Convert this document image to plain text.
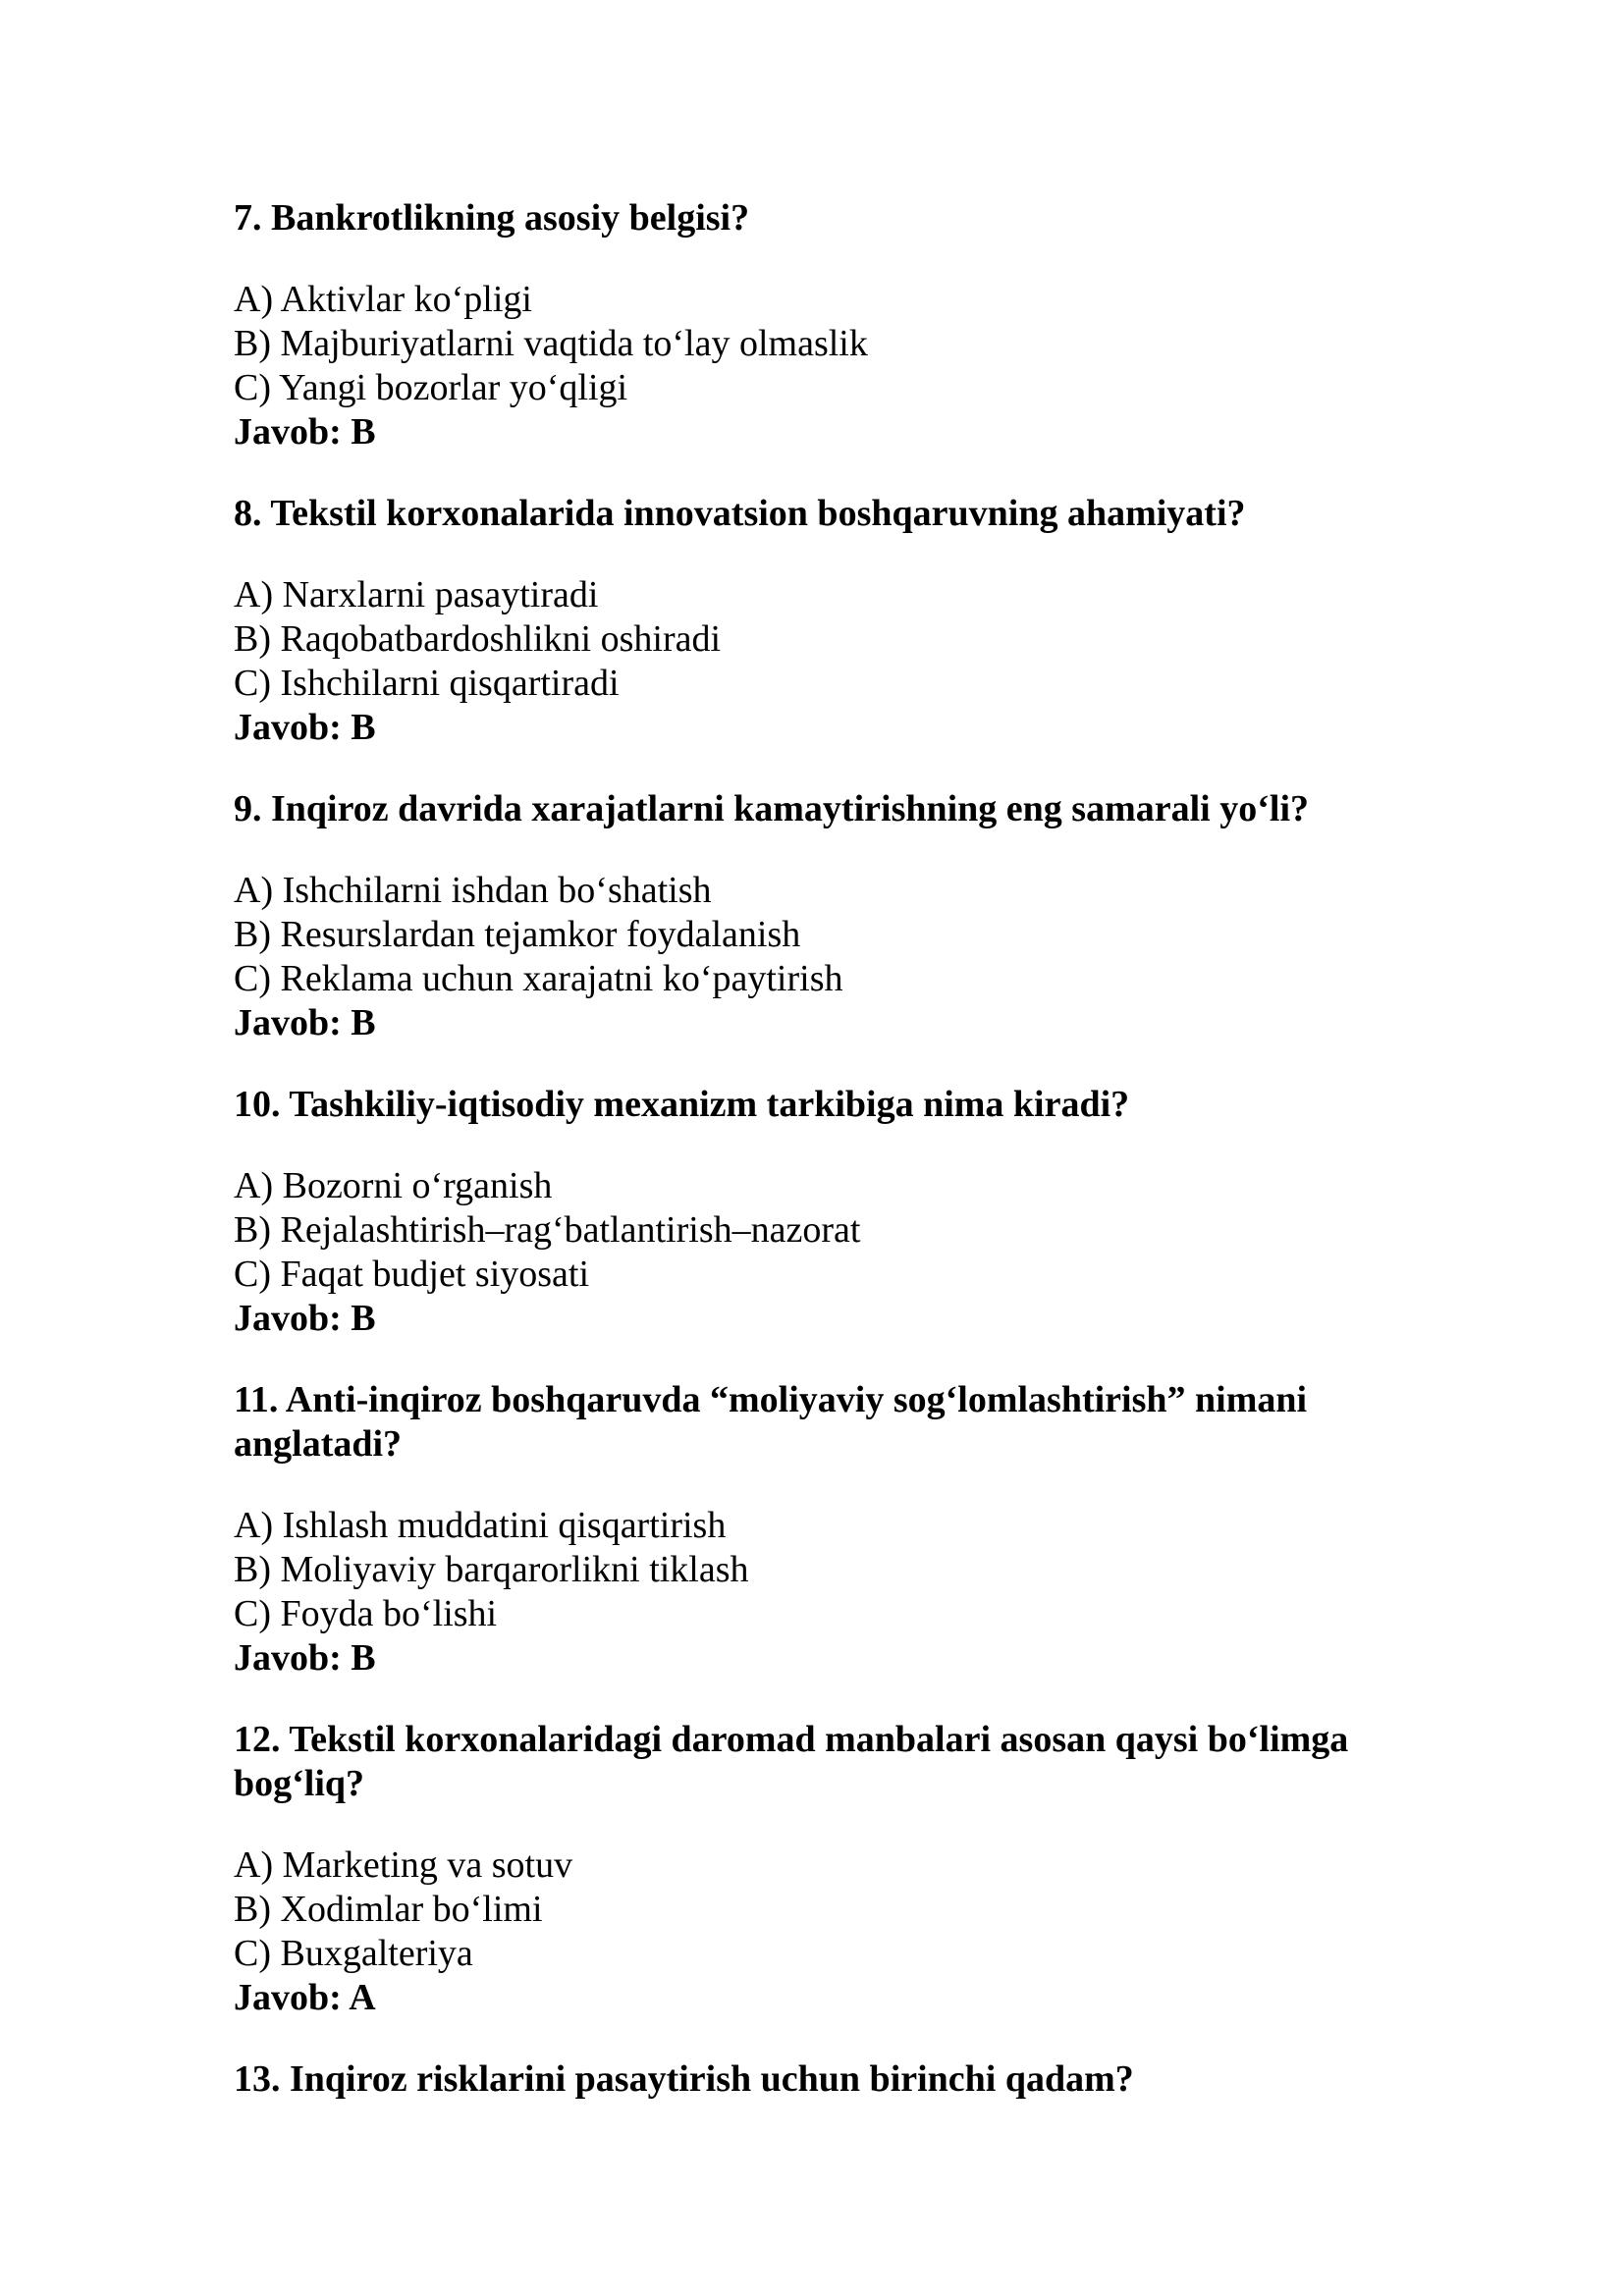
7. Bankrotlikning asosiy belgisi?

A) Aktivlar ko‘pligi

B) Majburiyatlarni vaqtida to‘lay olmaslik

C) Yangi bozorlar yo‘qligi

Javob: B

8. Tekstil korxonalarida innovatsion boshqaruvning ahamiyati?

A) Narxlarni pasaytiradi

B) Raqobatbardoshlikni oshiradi

C) Ishchilarni qisqartiradi

Javob: B

9. Inqiroz davrida xarajatlarni kamaytirishning eng samarali yo‘li?

A) Ishchilarni ishdan bo‘shatish

B) Resurslardan tejamkor foydalanish

C) Reklama uchun xarajatni ko‘paytirish

Javob: B

10. Tashkiliy-iqtisodiy mexanizm tarkibiga nima kiradi?

A) Bozorni o‘rganish

B) Rejalashtirish–rag‘batlantirish–nazorat

C) Faqat budjet siyosati

Javob: B

11. Anti-inqiroz boshqaruvda “moliyaviy sog‘lomlashtirish” nimani anglatadi?

A) Ishlash muddatini qisqartirish

B) Moliyaviy barqarorlikni tiklash

C) Foyda bo‘lishi

Javob: B

12. Tekstil korxonalaridagi daromad manbalari asosan qaysi bo‘limga bog‘liq?

A) Marketing va sotuv

B) Xodimlar bo‘limi

C) Buxgalteriya

Javob: A

13. Inqiroz risklarini pasaytirish uchun birinchi qadam?
